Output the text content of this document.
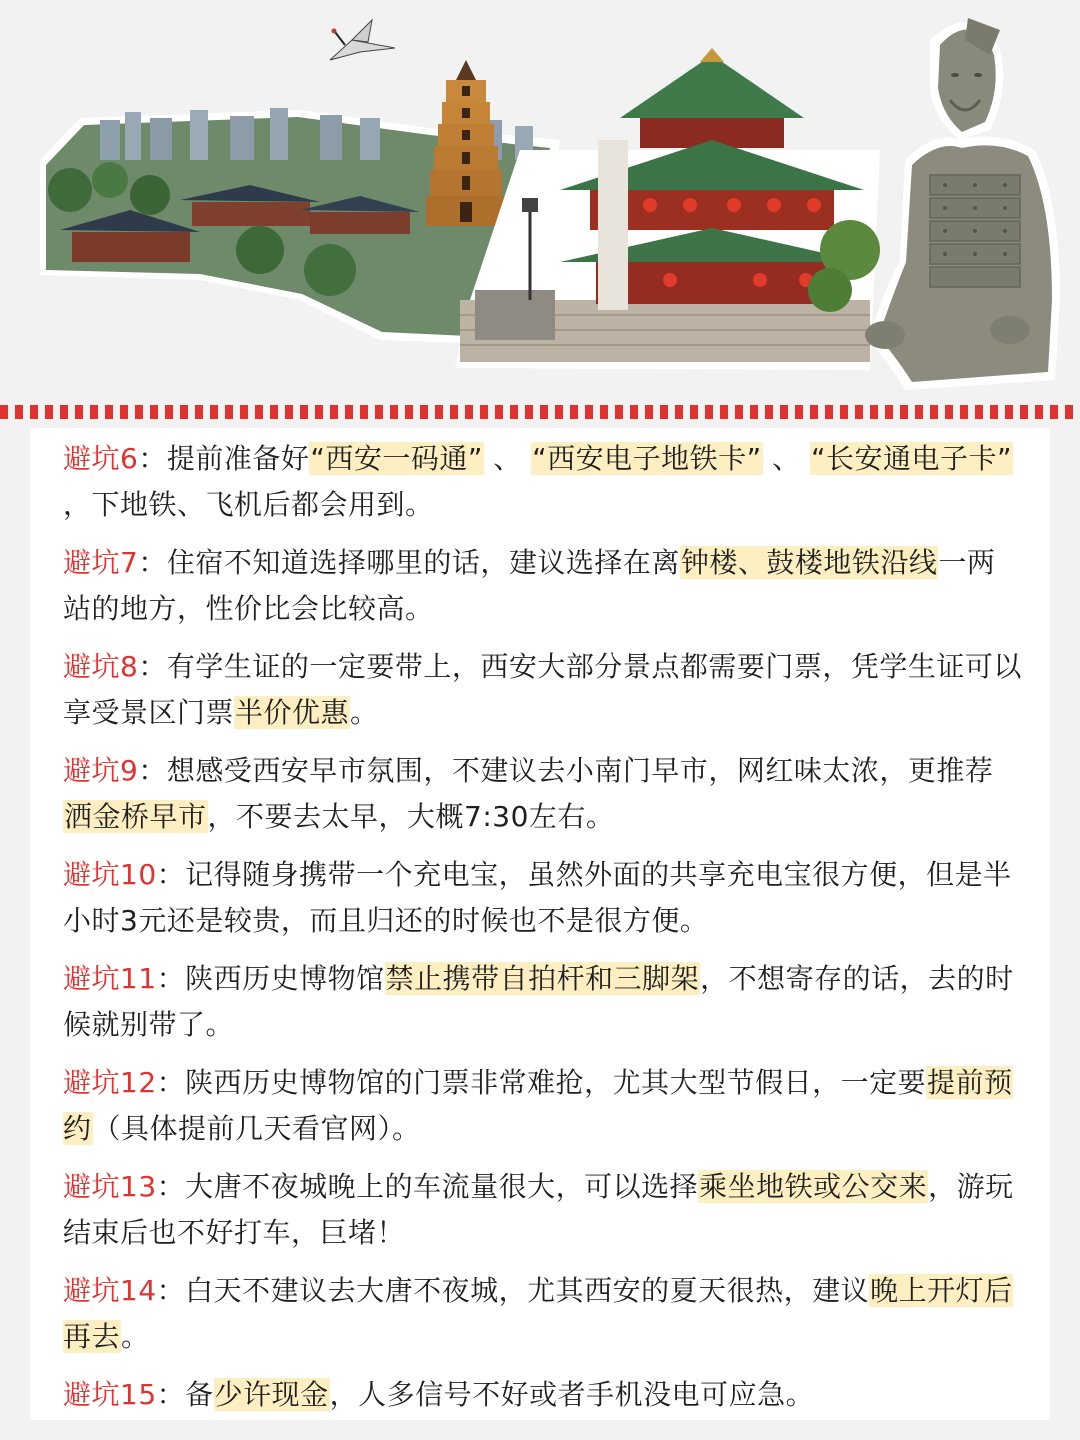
避坑6：提前准备好“西安一码通” 、 “西安电子地铁卡” 、 “长安通电子卡” ，下地铁、飞机后都会用到。

避坑7：住宿不知道选择哪里的话，建议选择在离钟楼、鼓楼地铁沿线一两站的地方，性价比会比较高。

避坑8：有学生证的一定要带上，西安大部分景点都需要门票，凭学生证可以享受景区门票半价优惠。

避坑9：想感受西安早市氛围，不建议去小南门早市，网红味太浓，更推荐洒金桥早市，不要去太早，大概7:30左右。

避坑10：记得随身携带一个充电宝，虽然外面的共享充电宝很方便，但是半小时3元还是较贵，而且归还的时候也不是很方便。

避坑11：陕西历史博物馆禁止携带自拍杆和三脚架，不想寄存的话，去的时候就别带了。

避坑12：陕西历史博物馆的门票非常难抢，尤其大型节假日，一定要提前预约（具体提前几天看官网）。

避坑13：大唐不夜城晚上的车流量很大，可以选择乘坐地铁或公交来，游玩结束后也不好打车，巨堵！

避坑14：白天不建议去大唐不夜城，尤其西安的夏天很热，建议晚上开灯后再去。

避坑15：备少许现金，人多信号不好或者手机没电可应急。
